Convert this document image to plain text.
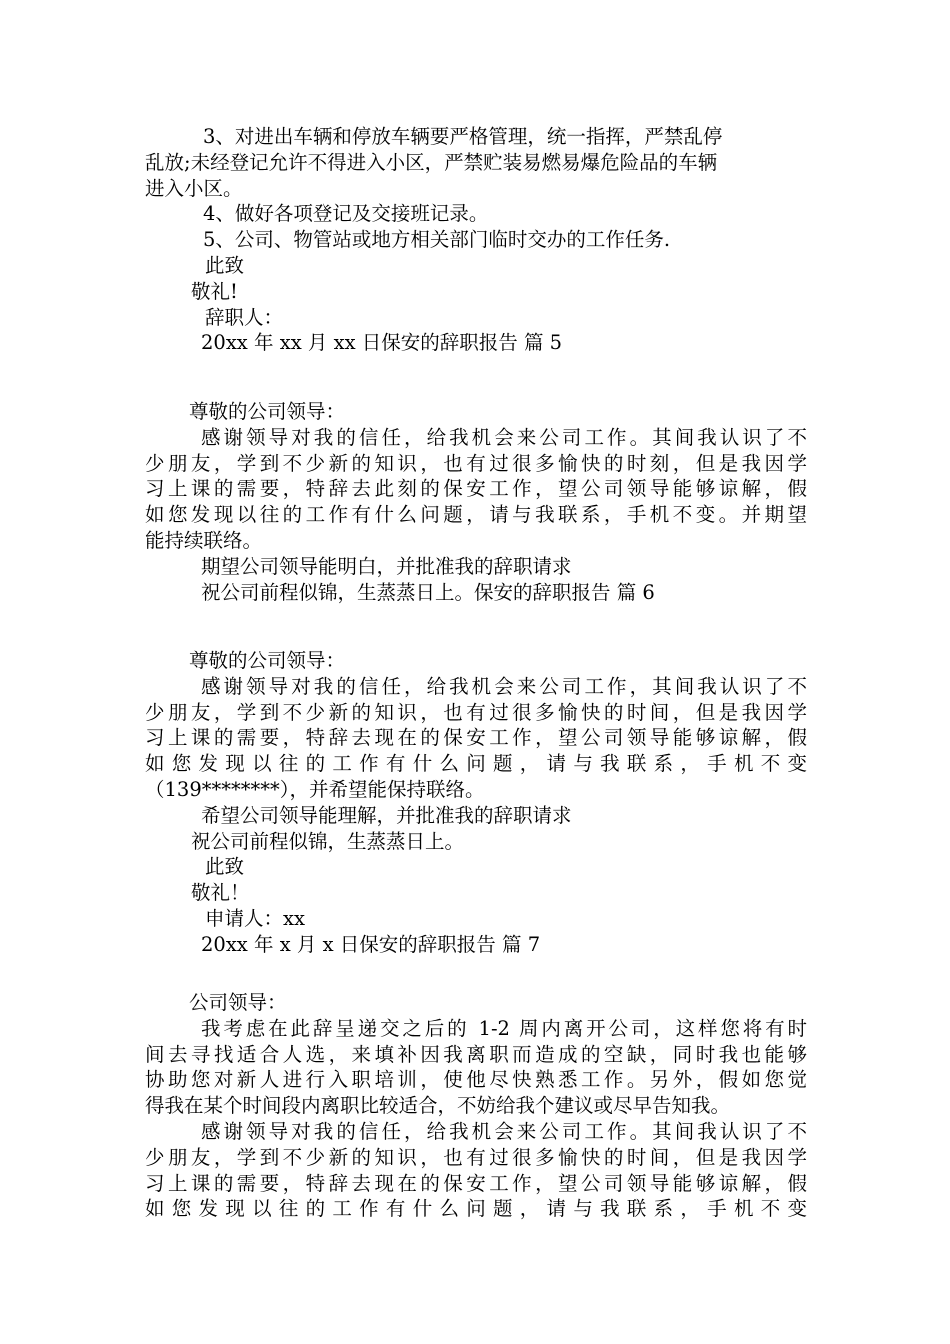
3、对进出车辆和停放车辆要严格管理，统一指挥，严禁乱停
乱放;未经登记允许不得进入小区，严禁贮装易燃易爆危险品的车辆
进入小区。
4、做好各项登记及交接班记录。
5、公司、物管站或地方相关部门临时交办的工作任务.
此致
敬礼!
辞职人：
20xx 年 xx 月 xx 日保安的辞职报告 篇 5
尊敬的公司领导：
感谢领导对我的信任，给我机会来公司工作。其间我认识了不
少朋友，学到不少新的知识，也有过很多愉快的时刻，但是我因学
习上课的需要，特辞去此刻的保安工作，望公司领导能够谅解，假
如您发现以往的工作有什么问题，请与我联系，手机不变。并期望
能持续联络。
期望公司领导能明白，并批准我的辞职请求
祝公司前程似锦，生蒸蒸日上。保安的辞职报告 篇 6
尊敬的公司领导：
感谢领导对我的信任，给我机会来公司工作，其间我认识了不
少朋友，学到不少新的知识，也有过很多愉快的时间，但是我因学
习上课的需要，特辞去现在的保安工作，望公司领导能够谅解，假
如您发现以往的工作有什么问题，请与我联系，手机不变
（139********），并希望能保持联络。
希望公司领导能理解，并批准我的辞职请求
祝公司前程似锦，生蒸蒸日上。
此致
敬礼！
申请人：xx
20xx 年 x 月 x 日保安的辞职报告 篇 7
公司领导：
我考虑在此辞呈递交之后的 1-2 周内离开公司，这样您将有时
间去寻找适合人选，来填补因我离职而造成的空缺，同时我也能够
协助您对新人进行入职培训，使他尽快熟悉工作。另外，假如您觉
得我在某个时间段内离职比较适合，不妨给我个建议或尽早告知我。
感谢领导对我的信任，给我机会来公司工作。其间我认识了不
少朋友，学到不少新的知识，也有过很多愉快的时间，但是我因学
习上课的需要，特辞去现在的保安工作，望公司领导能够谅解，假
如您发现以往的工作有什么问题，请与我联系，手机不变
